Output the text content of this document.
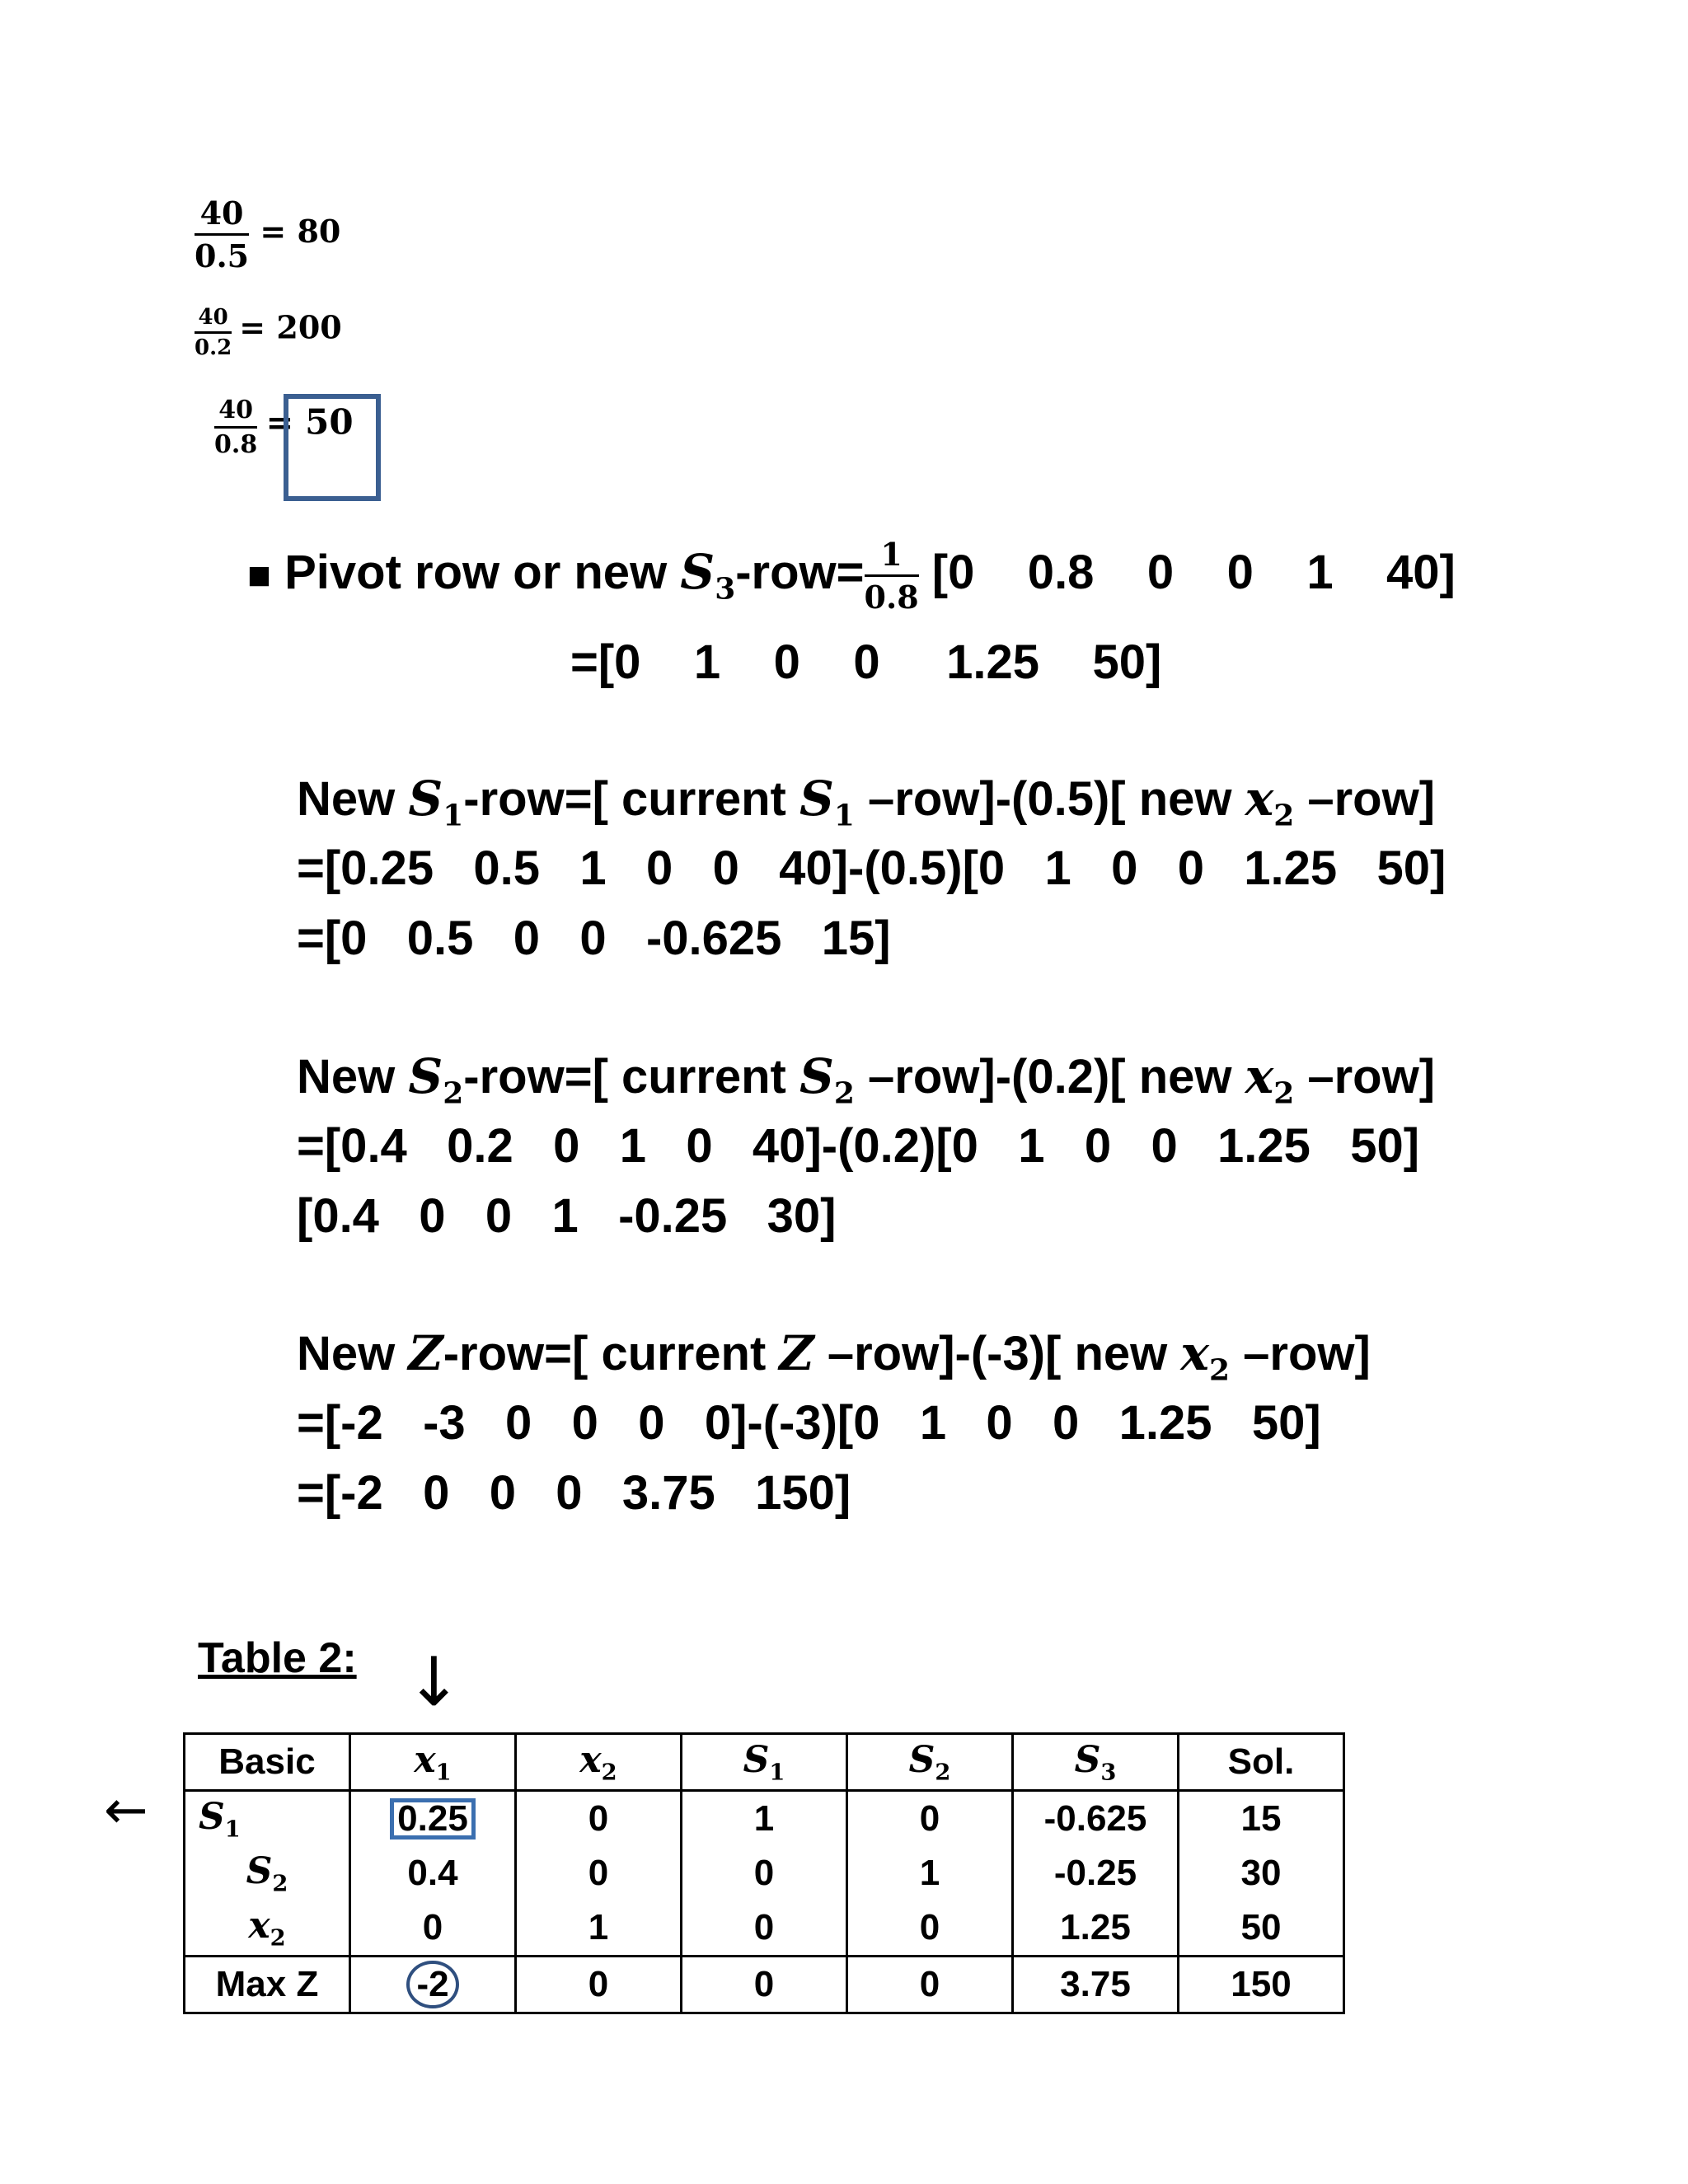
$\frac{40}{0.5} = 80$
$\frac{40}{0.2} = 200$
$\frac{40}{0.8} = 50$
■ Pivot row or new $S_3-row= \frac{1}{0.8} [0$    0.8    0    0    1    40]
=[0    1    0    0     1.25    50]
New $S_1-row=$[ current $S_1$ –row]-(0.5)[ new $x_2$ –row]
=[0.25   0.5   1   0   0   40]-(0.5)[0   1   0   0   1.25   50]
=[0   0.5   0   0   -0.625   15]
New $S_2-row=$[ current $S_2$ –row]-(0.2)[ new $x_2$ –row]
=[0.4   0.2   0   1   0   40]-(0.2)[0   1   0   0   1.25   50]
[0.4   0   0   1   -0.25   30]
New Z-row=[ current Z –row]-(-3)[ new $x_2$ –row]
=[-2   -3   0   0   0   0]-(-3)[0   1   0   0   1.25   50]
=[-2   0   0   0   3.75   150]
Table 2: ↓
←
Basic	$x_1$	$x_2$	$S_1$	$S_2$	$S_3$	Sol.
$S_1$	0.25	0	1	0	-0.625	15
$S_2$	0.4	0	0	1	-0.25	30
$x_2$	0	1	0	0	1.25	50
Max Z	-2	0	0	0	3.75	150
